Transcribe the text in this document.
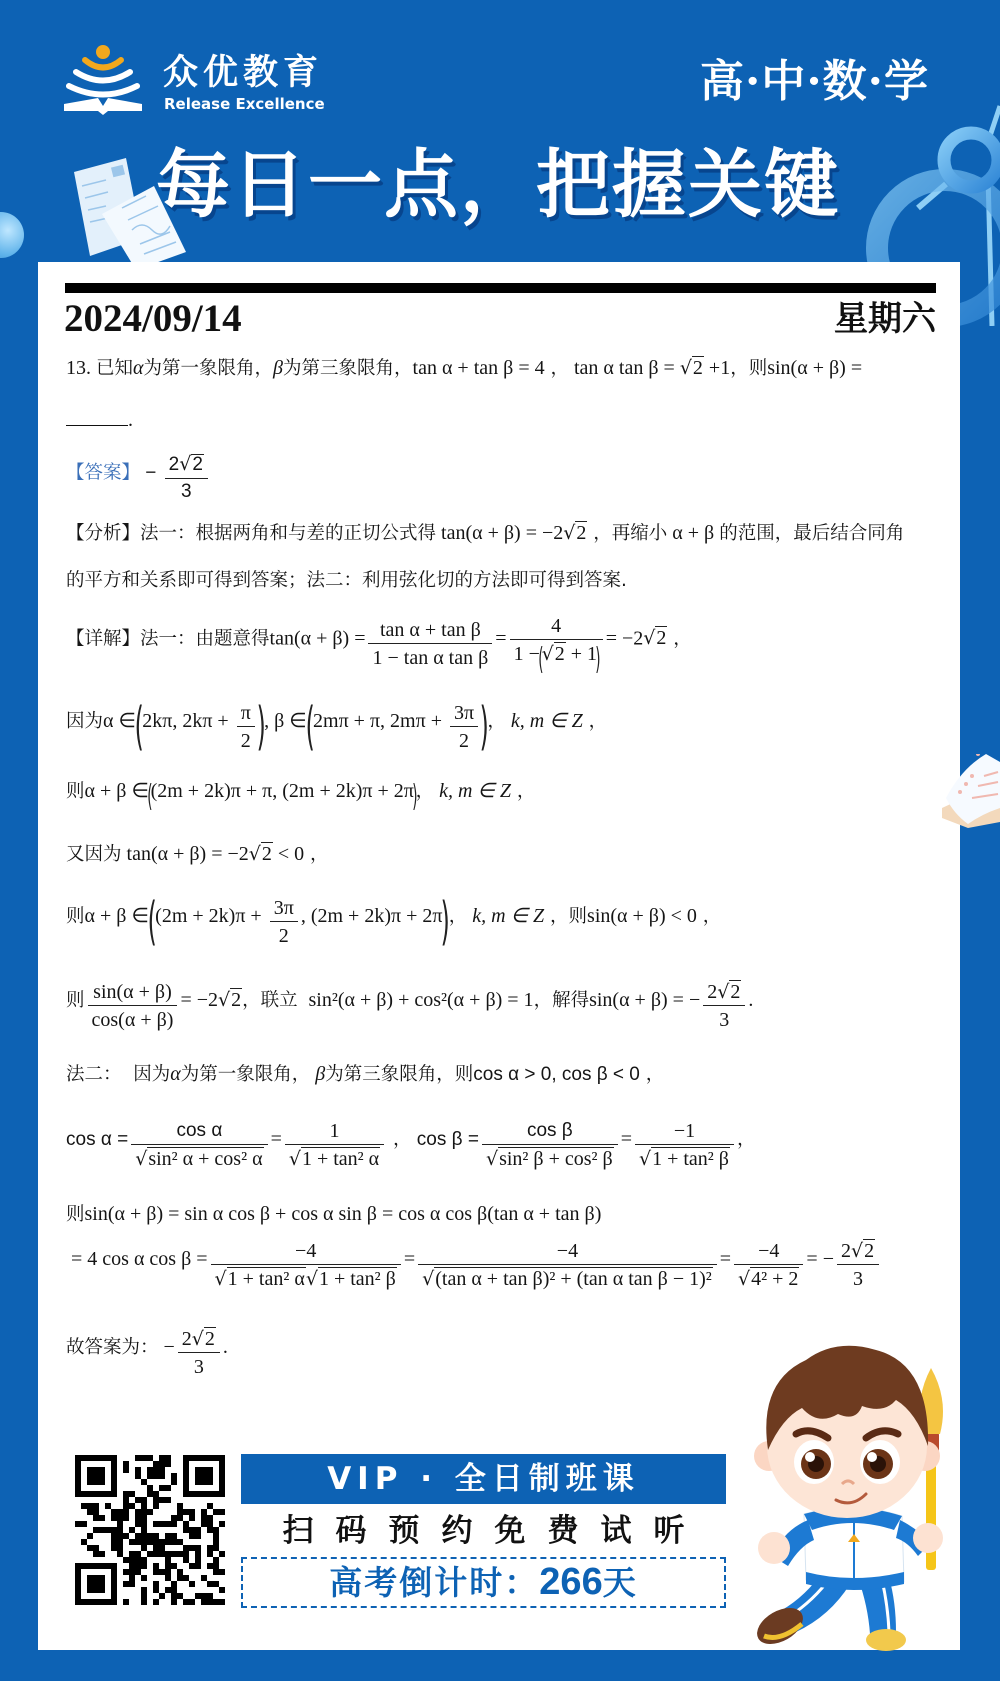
众优教育
Release Excellence	高·中·数·学
每日一点，把握关键
2024/09/14	星期六
13.  已知 α 为第一象限角， β 为第三象限角， tan α + tan β = 4  ，  tan α tan β =  √2  +1 ，则 sin(α + β) =
.
【答案】  − $\frac{2√2}{3}$
【分析】法一：根据两角和与差的正切公式得  tan(α + β) = −2 √2  ，再缩小  α + β  的范围，最后结合同角
的平方和关系即可得到答案；法二：利用弦化切的方法即可得到答案.
【详解】法一：由题意得 $\tan(\alpha + \beta) = \frac{\text{tan α + tan β}}{\text{1 − tan α tan β}} = \frac{4}{1 -(√2 + 1)} = -2$ √2  ，
因为 α ∈ ( 2kπ, $2k\pi + \frac{\pi}{2}$ ) , β ∈ ( 2mπ + π, $2m\pi + \frac{3\pi}{2}$ ) ，  k, m ∈ Z  ，
则 α + β ∈ ( (2m + 2k)π + π, (2m + 2k)π + 2π ) ，  k, m ∈ Z  ，
又因为  tan(α + β) = −2 √2  < 0  ，
则 α + β ∈ ( $(2m + 2k)\pi + \frac{3\pi}{2}$ , (2m + 2k)π + 2π ) ，  k, m ∈ Z  ，则 sin(α + β) < 0  ，
则 $\frac{\sin(\alpha + \beta)}{\cos(\alpha + \beta)} = -2$ √2 ，联立   sin²(α + β) + cos²(α + β) = 1 ，解得 sin(α + β) = − $\frac{2√2}{3}$ .
法二：  因为 α 为第一象限角，  β 为第三象限角，则 cos α > 0, cos β < 0  ，
$\cos \alpha = \frac{\text{cos α}}{\text{√sin² α + cos² α}} = \frac{1}{\text{√1 + tan² α}}$ ，  $\cos \beta = \frac{\text{cos β}}{\text{√sin² β + cos² β}} = \frac{-1}{\text{√1 + tan² β}}$ ，
则 sin(α + β) = sin α cos β + cos α sin β = cos α cos β(tan α + tan β)
= 4 cos α $\cos \beta = \frac{-4}{\text{√1 + tan² α√1 + tan² β}} = \frac{-4}{\text{√(tan α + tan β)² + (tan α tan β − 1)²}} = \frac{-4}{\text{√4² + 2}}$ = − $\frac{2√2}{3}$
故答案为：  − $\frac{2√2}{3}$ .
VIP · 全日制班课
扫码预约免费试听
高考倒计时：266天
